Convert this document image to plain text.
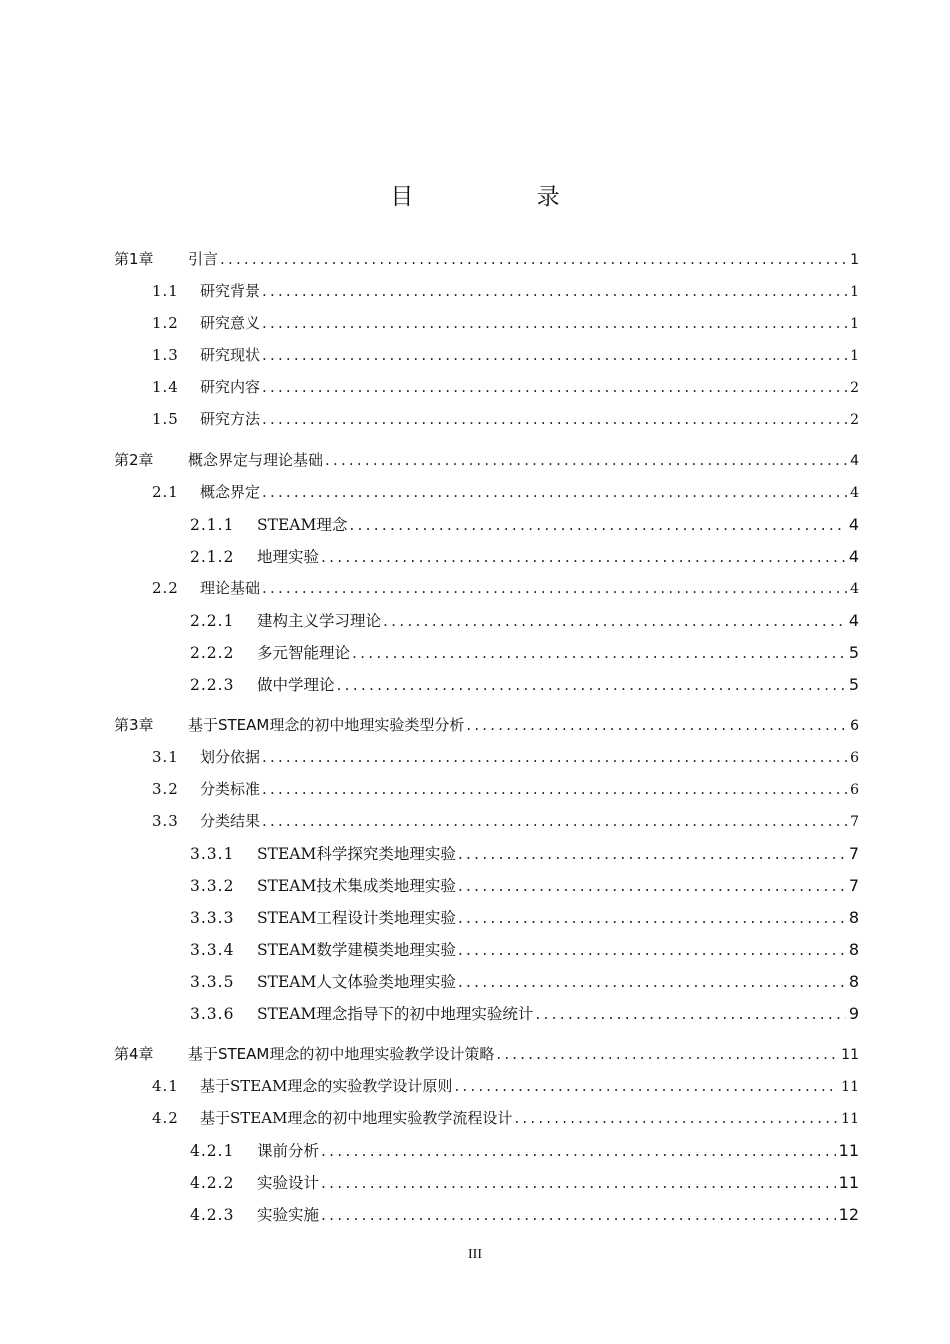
目 录
第1章	引言 .....	1
1.1	研究背景 .....	1
1.2	研究意义 .....	1
1.3	研究现状 .....	1
1.4	研究内容 .....	2
1.5	研究方法 .....	2
第2章	概念界定与理论基础 .....	4
2.1	概念界定 .....	4
2.1.1	STEAM理念 .....	4
2.1.2	地理实验 .....	4
2.2	理论基础 .....	4
2.2.1	建构主义学习理论 .....	4
2.2.2	多元智能理论 .....	5
2.2.3	做中学理论 .....	5
第3章	基于STEAM理念的初中地理实验类型分析 .....	6
3.1	划分依据 .....	6
3.2	分类标准 .....	6
3.3	分类结果 .....	7
3.3.1	STEAM科学探究类地理实验 .....	7
3.3.2	STEAM技术集成类地理实验 .....	7
3.3.3	STEAM工程设计类地理实验 .....	8
3.3.4	STEAM数学建模类地理实验 .....	8
3.3.5	STEAM人文体验类地理实验 .....	8
3.3.6	STEAM理念指导下的初中地理实验统计 .....	9
第4章	基于STEAM理念的初中地理实验教学设计策略 .....	11
4.1	基于STEAM理念的实验教学设计原则 .....	11
4.2	基于STEAM理念的初中地理实验教学流程设计 .....	11
4.2.1	课前分析 .....	11
4.2.2	实验设计 .....	11
4.2.3	实验实施 .....	12
III
